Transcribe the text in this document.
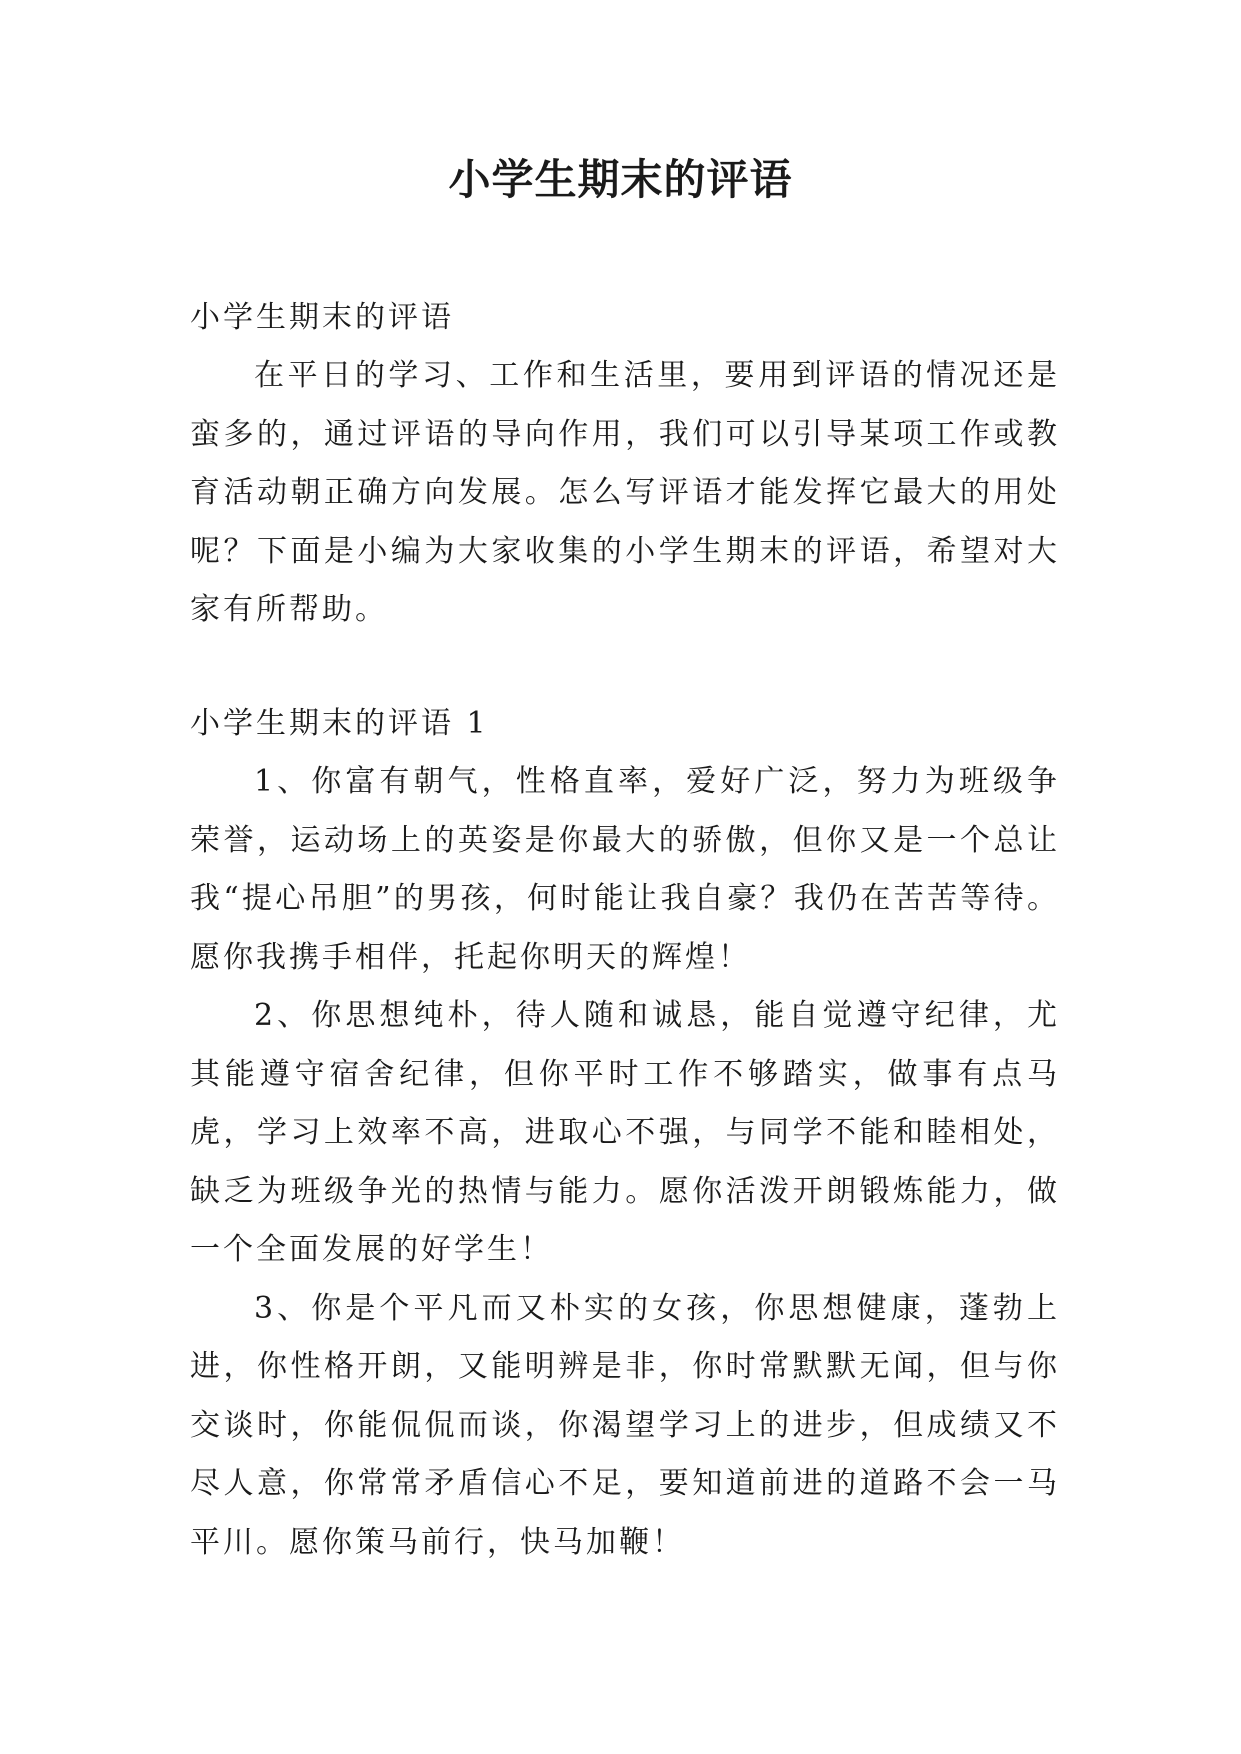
小学生期末的评语

小学生期末的评语

在平日的学习、工作和生活里，要用到评语的情况还是蛮多的，通过评语的导向作用，我们可以引导某项工作或教育活动朝正确方向发展。怎么写评语才能发挥它最大的用处呢？下面是小编为大家收集的小学生期末的评语，希望对大家有所帮助。

小学生期末的评语 1

1、你富有朝气，性格直率，爱好广泛，努力为班级争荣誉，运动场上的英姿是你最大的骄傲，但你又是一个总让我“提心吊胆”的男孩，何时能让我自豪？我仍在苦苦等待。愿你我携手相伴，托起你明天的辉煌！

2、你思想纯朴，待人随和诚恳，能自觉遵守纪律，尤其能遵守宿舍纪律，但你平时工作不够踏实，做事有点马虎，学习上效率不高，进取心不强，与同学不能和睦相处，缺乏为班级争光的热情与能力。愿你活泼开朗锻炼能力，做一个全面发展的好学生！

3、你是个平凡而又朴实的女孩，你思想健康，蓬勃上进，你性格开朗，又能明辨是非，你时常默默无闻，但与你交谈时，你能侃侃而谈，你渴望学习上的进步，但成绩又不尽人意，你常常矛盾信心不足，要知道前进的道路不会一马平川。愿你策马前行，快马加鞭！
